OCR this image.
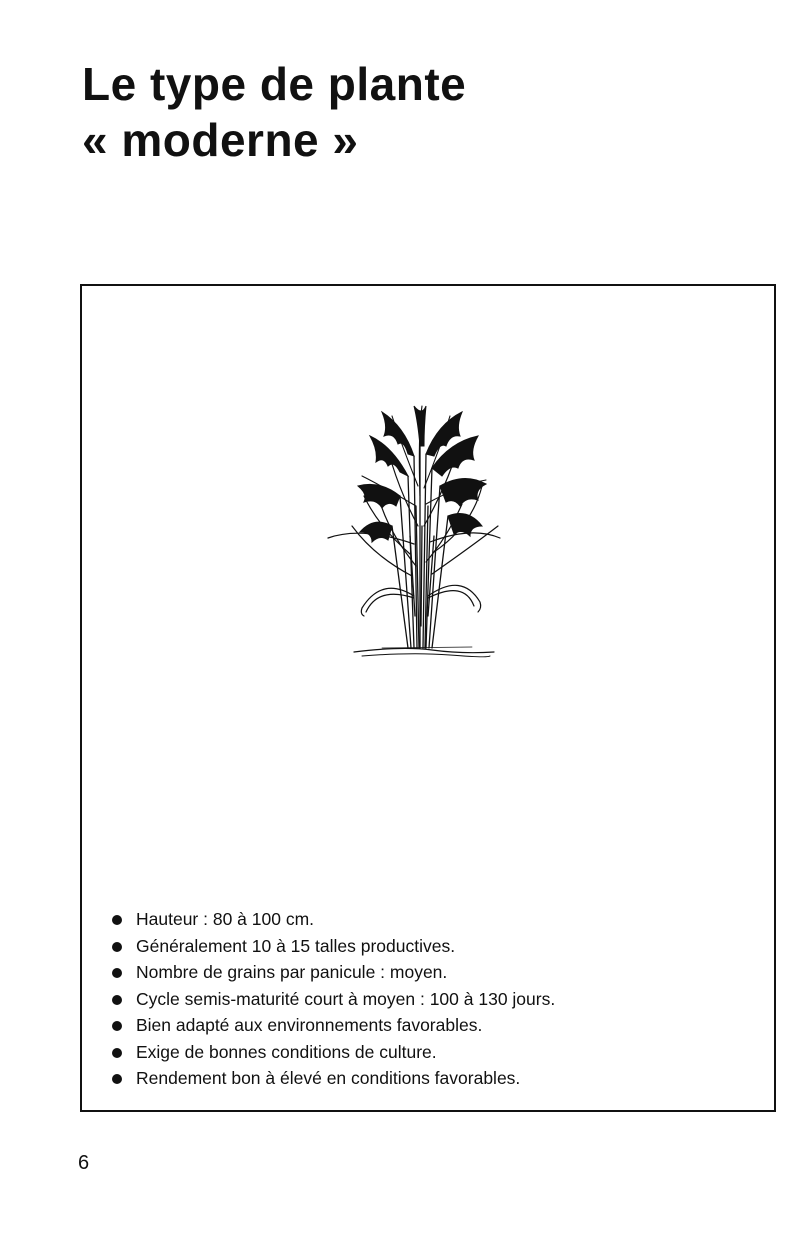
Le type de plante
« moderne »
Hauteur : 80 à 100 cm.
Généralement 10 à 15 talles productives.
Nombre de grains par panicule : moyen.
Cycle semis-maturité court à moyen : 100 à 130 jours.
Bien adapté aux environnements favorables.
Exige de bonnes conditions de culture.
Rendement bon à élevé en conditions favorables.
6
